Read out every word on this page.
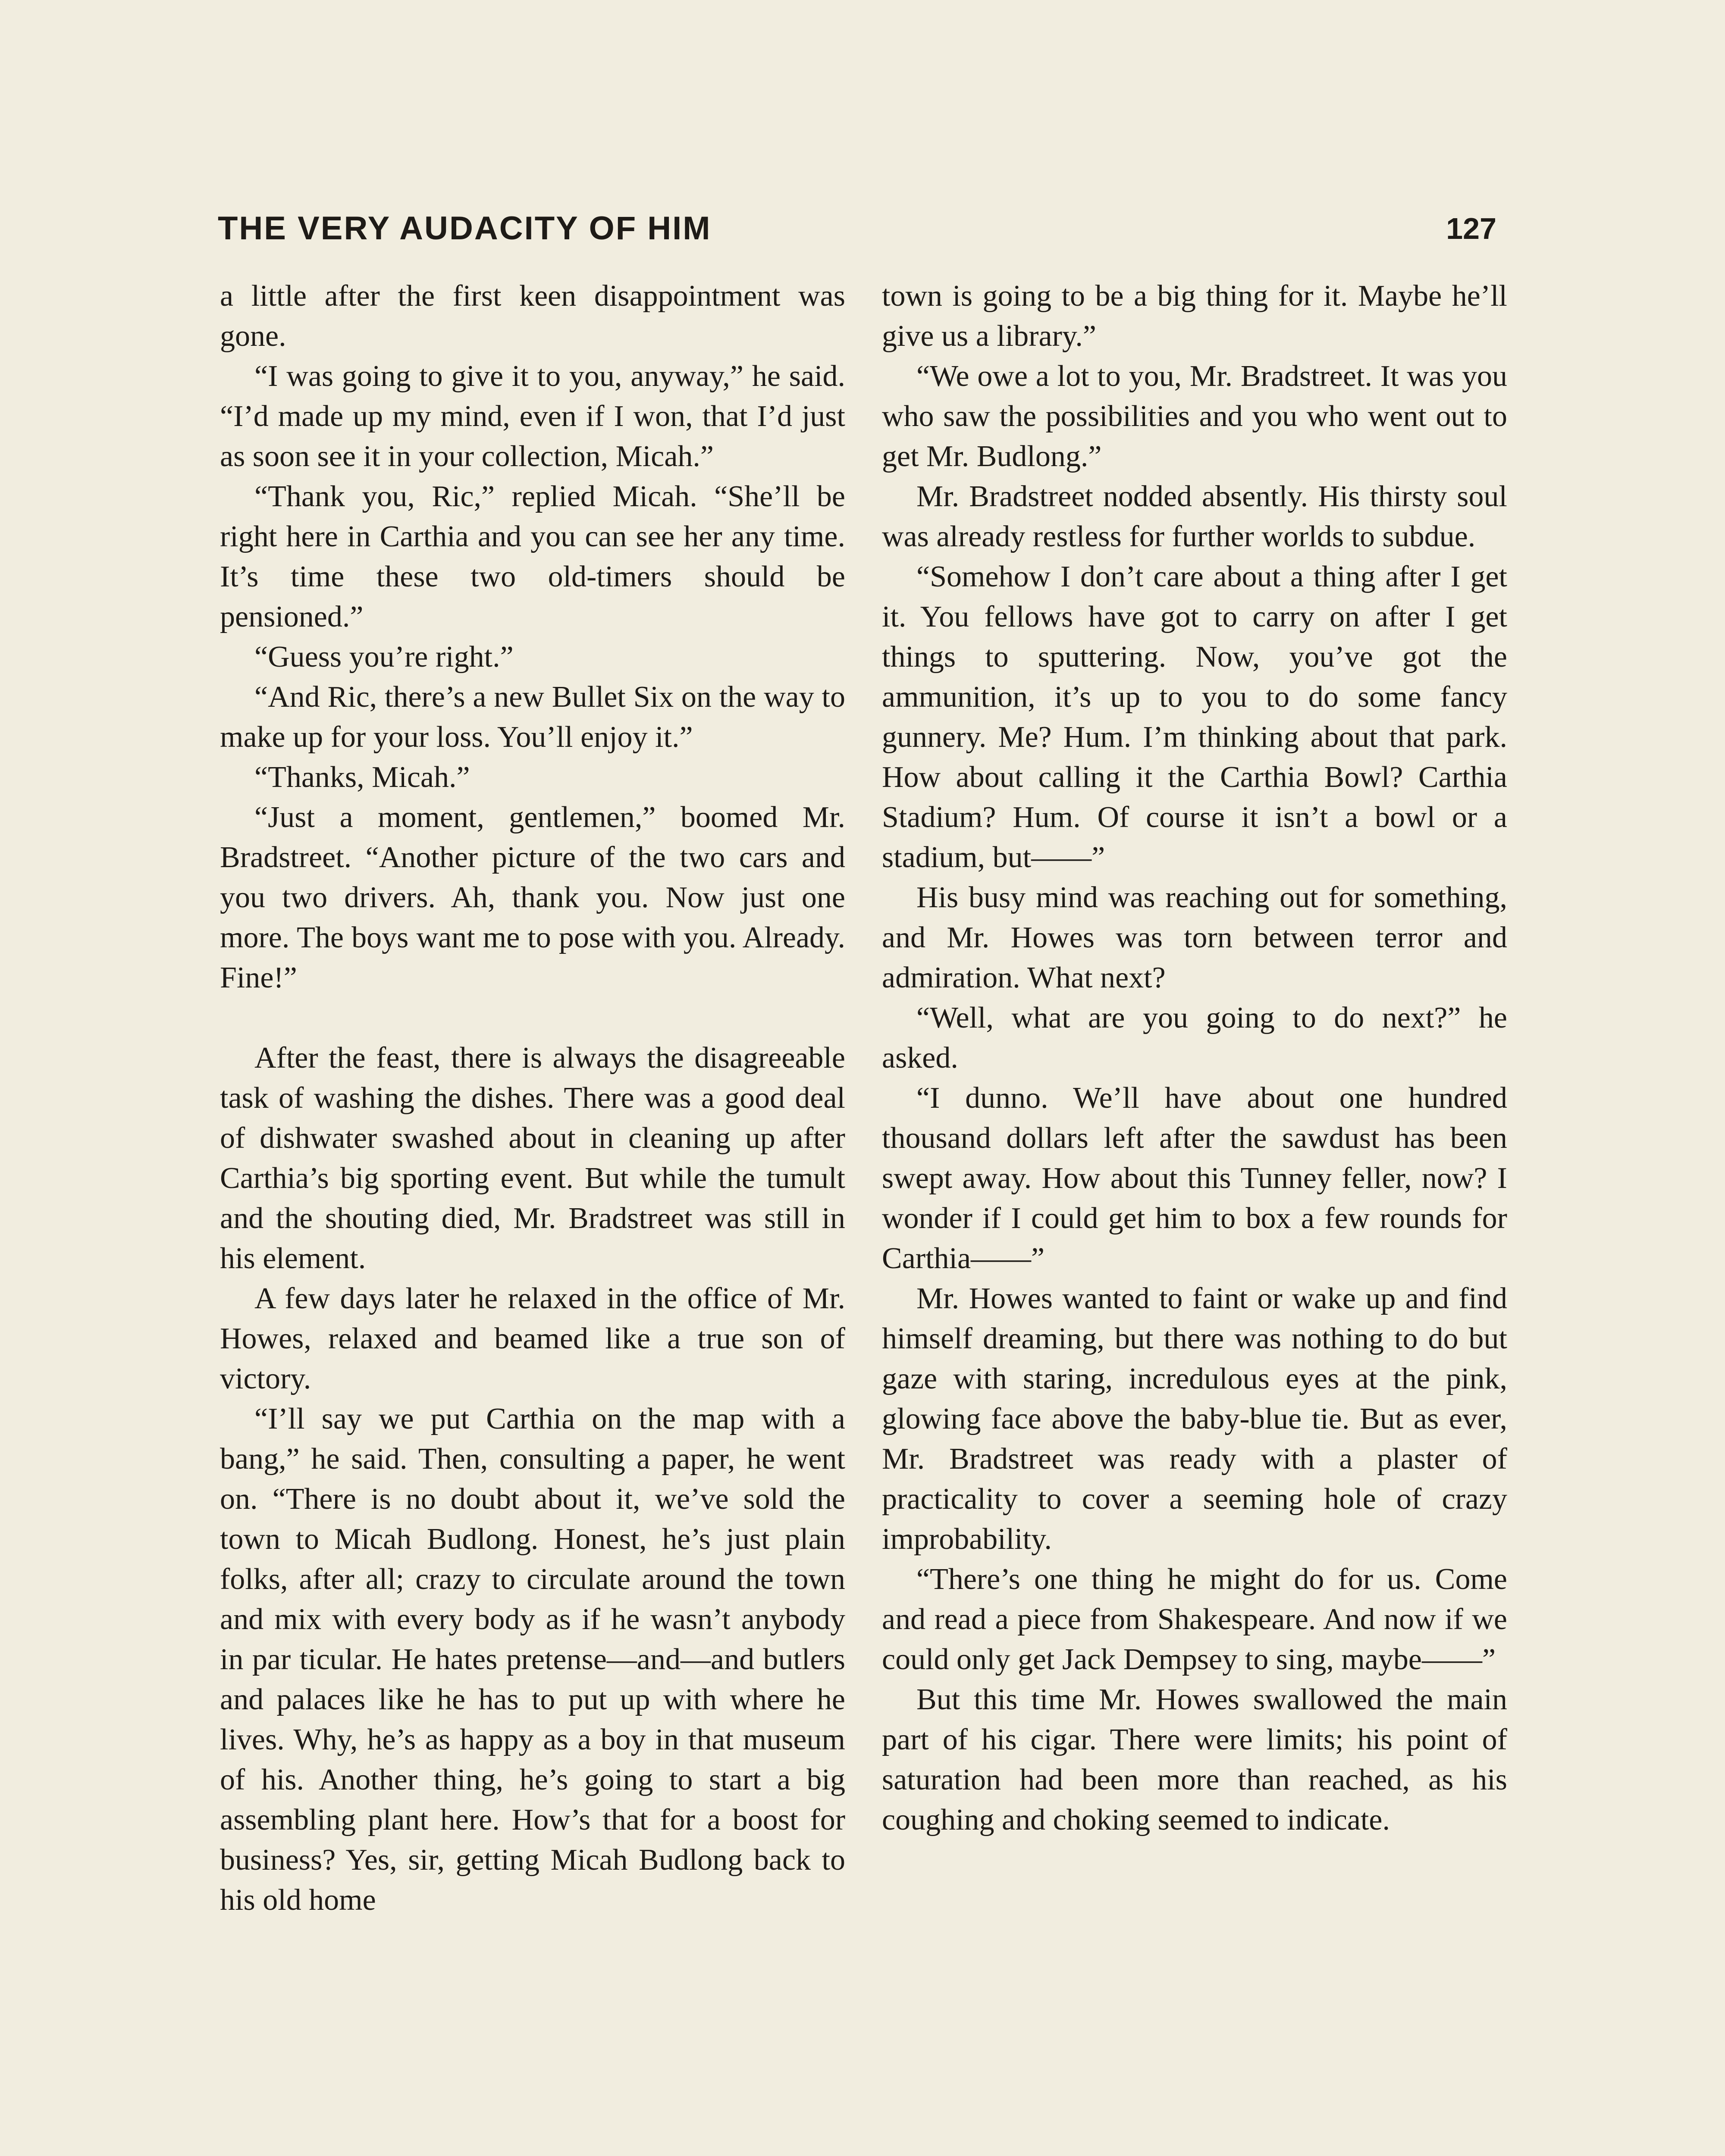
THE VERY AUDACITY OF HIM	127

a little after the first keen disappointment was gone.

“I was going to give it to you, anyway,” he said. “I’d made up my mind, even if I won, that I’d just as soon see it in your collection, Micah.”

“Thank you, Ric,” replied Micah. “She’ll be right here in Carthia and you can see her any time. It’s time these two old-timers should be pensioned.”

“Guess you’re right.”

“And Ric, there’s a new Bullet Six on the way to make up for your loss. You’ll enjoy it.”

“Thanks, Micah.”

“Just a moment, gentlemen,” boomed Mr. Bradstreet. “Another picture of the two cars and you two drivers. Ah, thank you. Now just one more. The boys want me to pose with you. Already. Fine!”

After the feast, there is always the disagreeable task of washing the dishes. There was a good deal of dishwater swashed about in cleaning up after Carthia’s big sporting event. But while the tumult and the shouting died, Mr. Bradstreet was still in his element.

A few days later he relaxed in the office of Mr. Howes, relaxed and beamed like a true son of victory.

“I’ll say we put Carthia on the map with a bang,” he said. Then, consulting a paper, he went on. “There is no doubt about it, we’ve sold the town to Micah Budlong. Honest, he’s just plain folks, after all; crazy to circulate around the town and mix with every body as if he wasn’t anybody in par ticular. He hates pretense—and—and butlers and palaces like he has to put up with where he lives. Why, he’s as happy as a boy in that museum of his. Another thing, he’s going to start a big assembling plant here. How’s that for a boost for business? Yes, sir, getting Micah Budlong back to his old home

town is going to be a big thing for it. Maybe he’ll give us a library.”

“We owe a lot to you, Mr. Bradstreet. It was you who saw the possibilities and you who went out to get Mr. Budlong.”

Mr. Bradstreet nodded absently. His thirsty soul was already restless for further worlds to subdue.

“Somehow I don’t care about a thing after I get it. You fellows have got to carry on after I get things to sputtering. Now, you’ve got the ammunition, it’s up to you to do some fancy gunnery. Me? Hum. I’m thinking about that park. How about calling it the Carthia Bowl? Carthia Stadium? Hum. Of course it isn’t a bowl or a stadium, but——”

His busy mind was reaching out for something, and Mr. Howes was torn between terror and admiration. What next?

“Well, what are you going to do next?” he asked.

“I dunno. We’ll have about one hundred thousand dollars left after the sawdust has been swept away. How about this Tunney feller, now? I wonder if I could get him to box a few rounds for Carthia——”

Mr. Howes wanted to faint or wake up and find himself dreaming, but there was nothing to do but gaze with staring, incredulous eyes at the pink, glowing face above the baby-blue tie. But as ever, Mr. Bradstreet was ready with a plaster of practicality to cover a seeming hole of crazy improbability.

“There’s one thing he might do for us. Come and read a piece from Shakespeare. And now if we could only get Jack Dempsey to sing, maybe——”

But this time Mr. Howes swallowed the main part of his cigar. There were limits; his point of saturation had been more than reached, as his coughing and choking seemed to indicate.
